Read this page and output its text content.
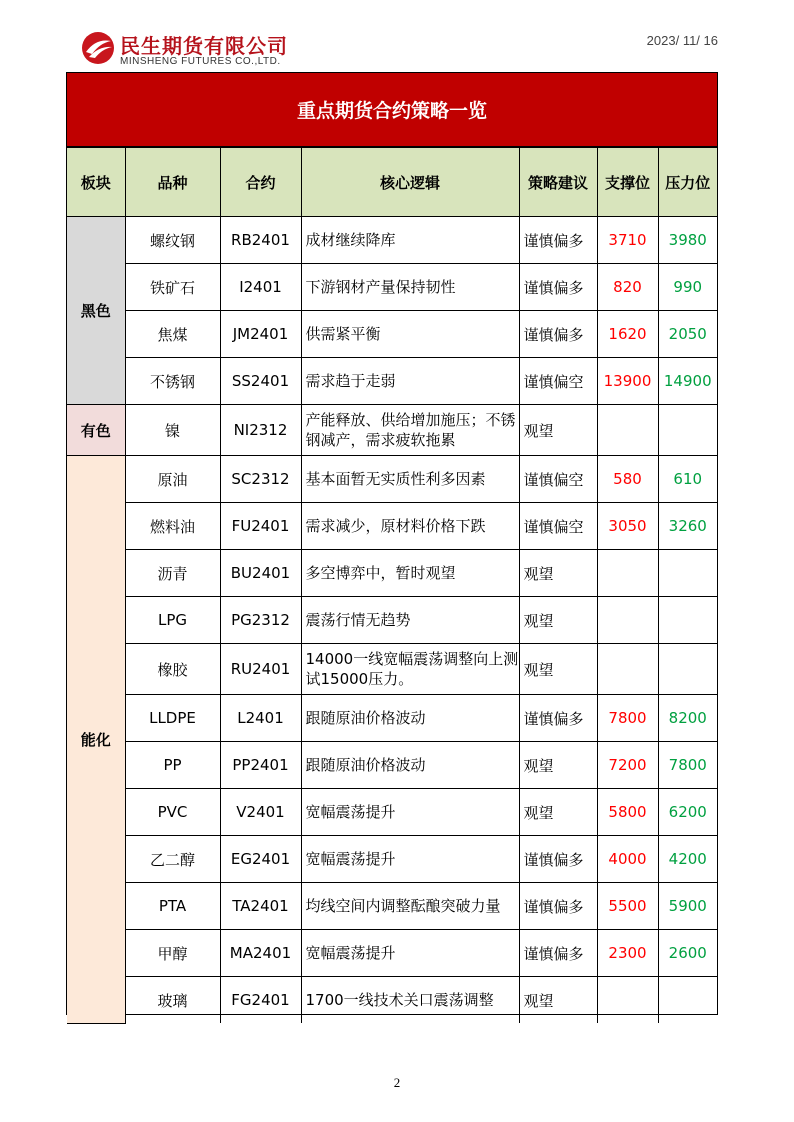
民生期货有限公司
MINSHENG FUTURES CO.,LTD.
2023/ 11/ 16
重点期货合约策略一览
板块	品种	合约	核心逻辑	策略建议	支撑位	压力位
黑色	螺纹钢	RB2401	成材继续降库	谨慎偏多	3710	3980
	铁矿石	I2401	下游钢材产量保持韧性	谨慎偏多	820	990
	焦煤	JM2401	供需紧平衡	谨慎偏多	1620	2050
	不锈钢	SS2401	需求趋于走弱	谨慎偏空	13900	14900
有色	镍	NI2312	产能释放、供给增加施压；不锈钢减产，需求疲软拖累	观望		
能化	原油	SC2312	基本面暂无实质性利多因素	谨慎偏空	580	610
	燃料油	FU2401	需求减少，原材料价格下跌	谨慎偏空	3050	3260
	沥青	BU2401	多空博弈中，暂时观望	观望		
	LPG	PG2312	震荡行情无趋势	观望		
	橡胶	RU2401	14000一线宽幅震荡调整向上测试15000压力。	观望		
	LLDPE	L2401	跟随原油价格波动	谨慎偏多	7800	8200
	PP	PP2401	跟随原油价格波动	观望	7200	7800
	PVC	V2401	宽幅震荡提升	观望	5800	6200
	乙二醇	EG2401	宽幅震荡提升	谨慎偏多	4000	4200
	PTA	TA2401	均线空间内调整酝酿突破力量	谨慎偏多	5500	5900
	甲醇	MA2401	宽幅震荡提升	谨慎偏多	2300	2600
	玻璃	FG2401	1700一线技术关口震荡调整	观望		
2
